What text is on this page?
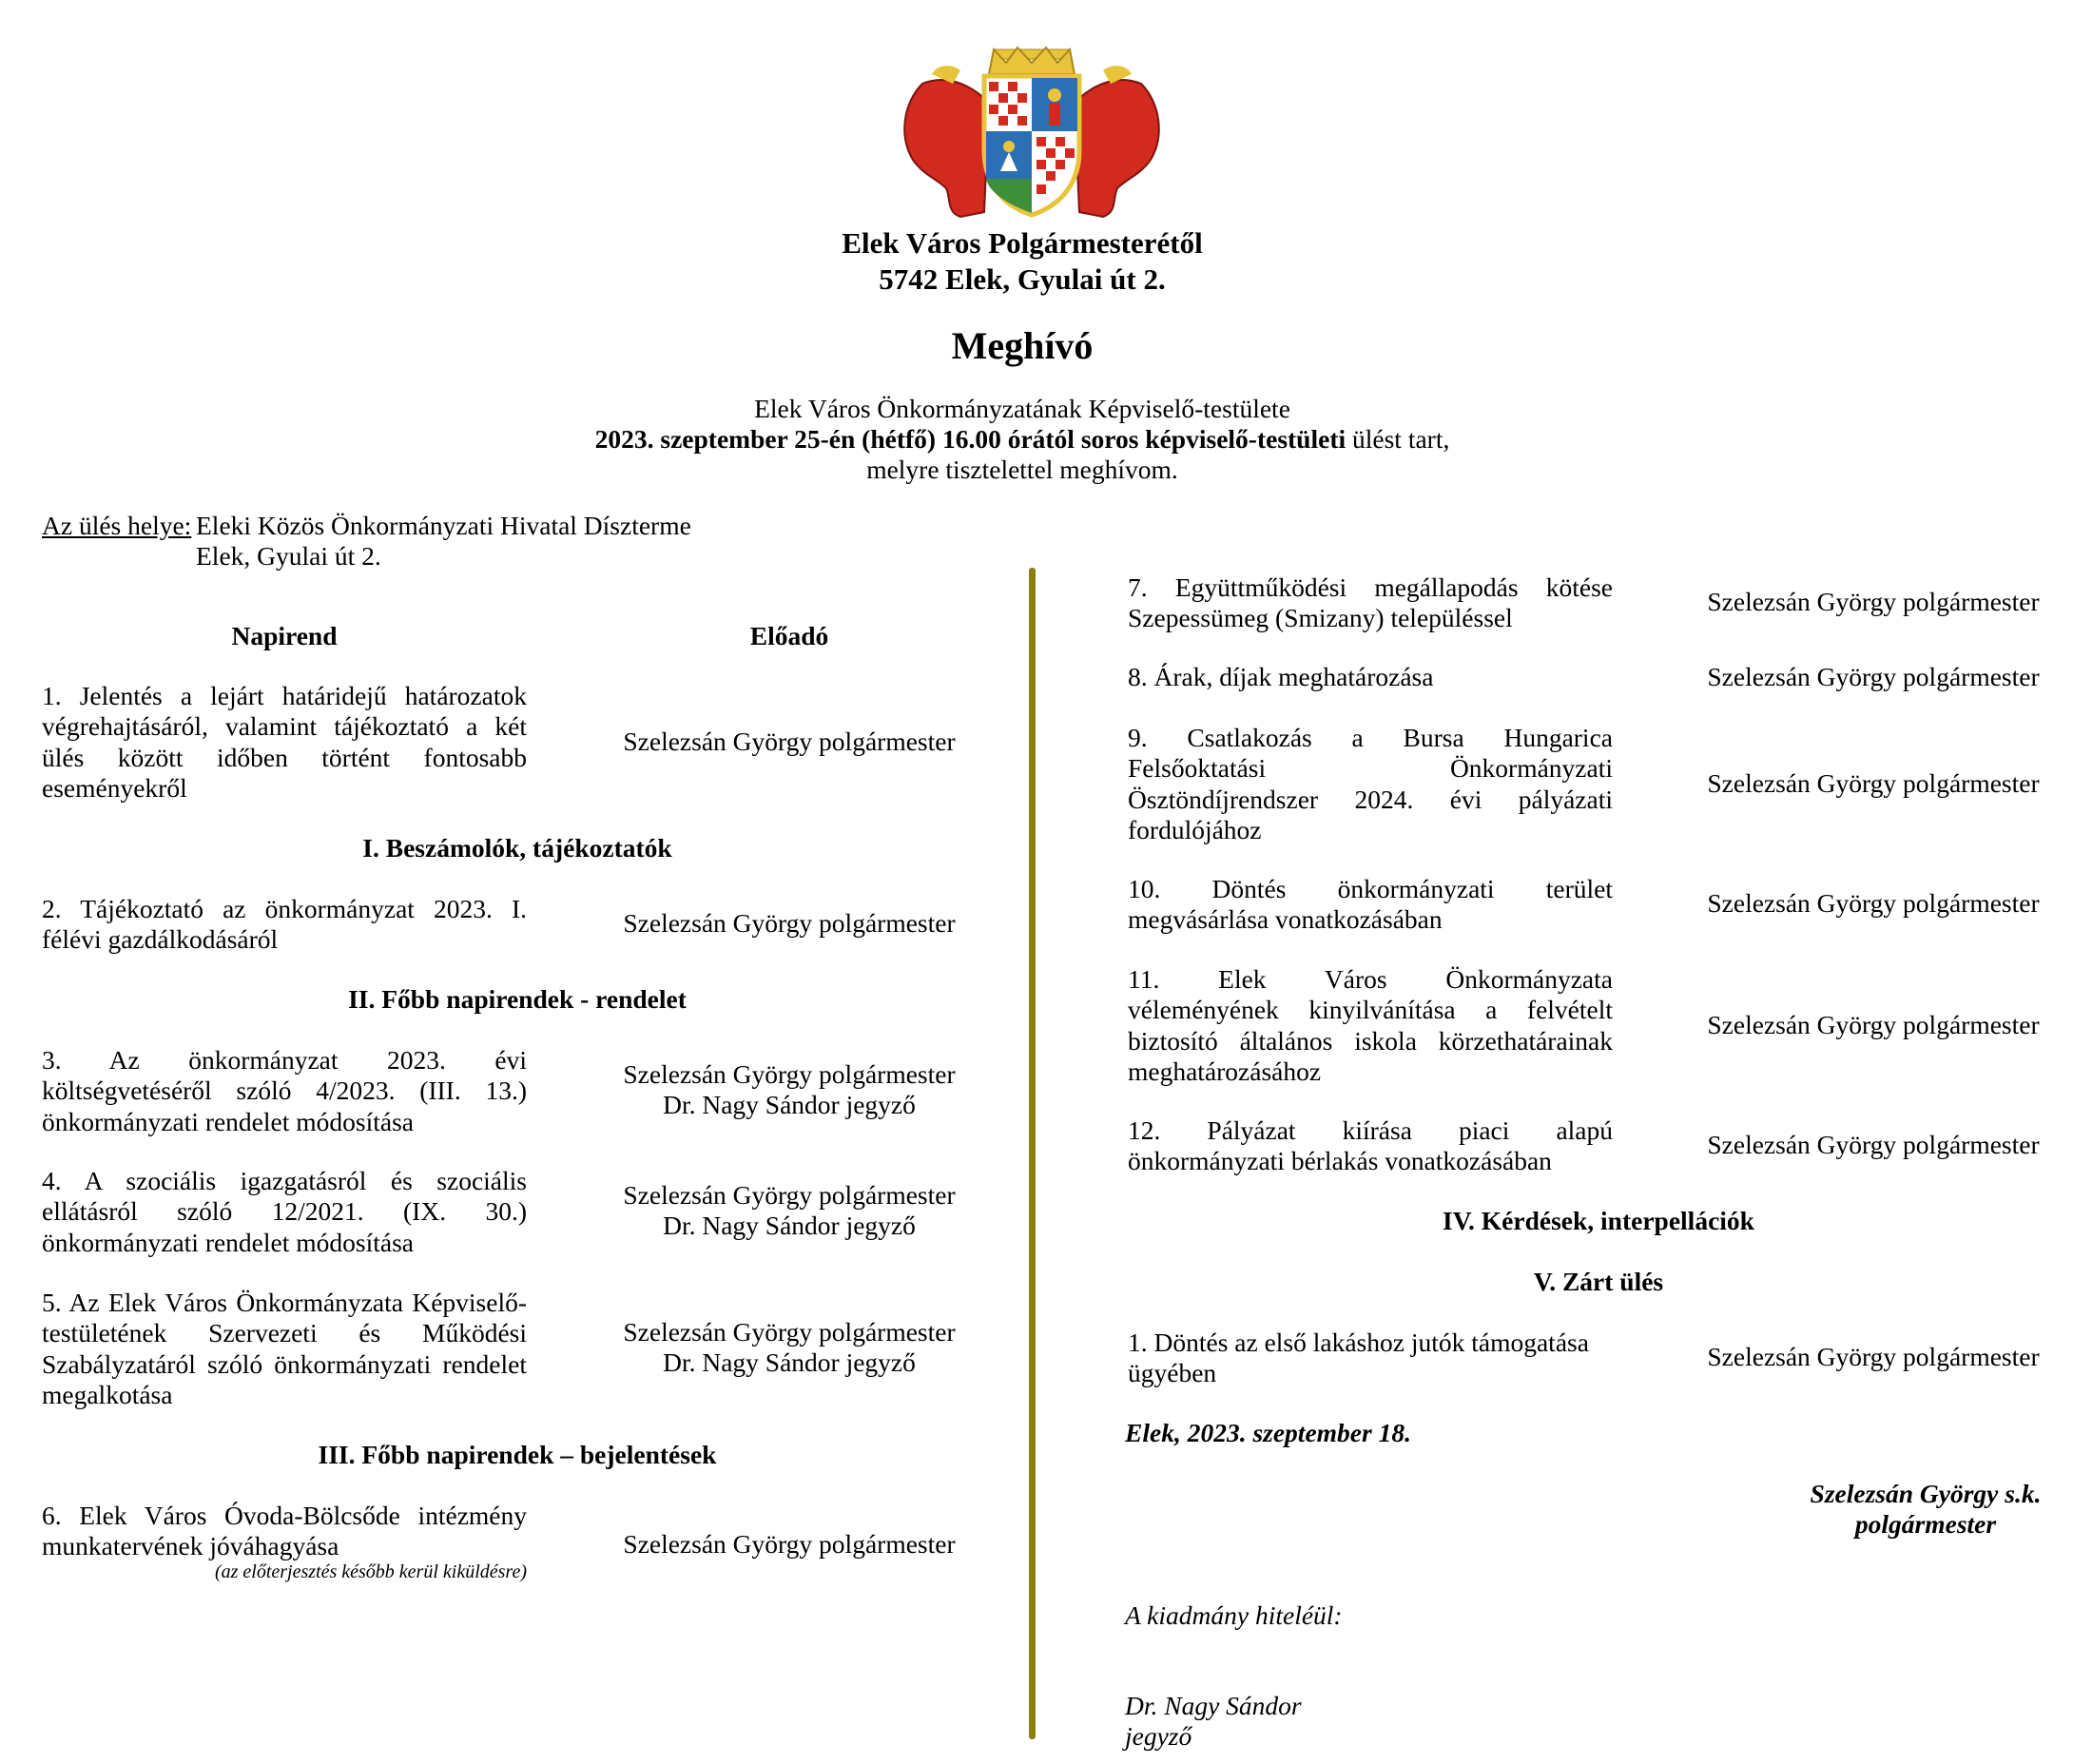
Elek Város Polgármesterétől
5742 Elek, Gyulai út 2.
Meghívó
Elek Város Önkormányzatának Képviselő-testülete
2023. szeptember 25-én (hétfő) 16.00 órától soros képviselő-testületi ülést tart,
melyre tisztelettel meghívom.
Az ülés helye: Eleki Közös Önkormányzati Hivatal Díszterme
Elek, Gyulai út 2.
Napirend	Előadó
1. Jelentés a lejárt határidejű határozatok
végrehajtásáról, valamint tájékoztató a két
ülés között időben történt fontosabb
eseményekről
Szelezsán György polgármester
I. Beszámolók, tájékoztatók
2. Tájékoztató az önkormányzat 2023. I.
félévi gazdálkodásáról
Szelezsán György polgármester
II. Főbb napirendek - rendelet
3. Az önkormányzat 2023. évi
költségvetéséről szóló 4/2023. (III. 13.)
önkormányzati rendelet módosítása
Szelezsán György polgármester
Dr. Nagy Sándor jegyző
4. A szociális igazgatásról és szociális
ellátásról szóló 12/2021. (IX. 30.)
önkormányzati rendelet módosítása
Szelezsán György polgármester
Dr. Nagy Sándor jegyző
5. Az Elek Város Önkormányzata Képviselő-
testületének Szervezeti és Működési
Szabályzatáról szóló önkormányzati rendelet
megalkotása
Szelezsán György polgármester
Dr. Nagy Sándor jegyző
III. Főbb napirendek – bejelentések
6. Elek Város Óvoda-Bölcsőde intézmény
munkatervének jóváhagyása
(az előterjesztés később kerül kiküldésre)
Szelezsán György polgármester
7. Együttműködési megállapodás kötése
Szepessümeg (Smizany) településsel
Szelezsán György polgármester
8. Árak, díjak meghatározása	Szelezsán György polgármester
9. Csatlakozás a Bursa Hungarica
Felsőoktatási Önkormányzati
Ösztöndíjrendszer 2024. évi pályázati
fordulójához
Szelezsán György polgármester
10. Döntés önkormányzati terület
megvásárlása vonatkozásában
Szelezsán György polgármester
11. Elek Város Önkormányzata
véleményének kinyilvánítása a felvételt
biztosító általános iskola körzethatárainak
meghatározásához
Szelezsán György polgármester
12. Pályázat kiírása piaci alapú
önkormányzati bérlakás vonatkozásában
Szelezsán György polgármester
IV. Kérdések, interpellációk
V. Zárt ülés
1. Döntés az első lakáshoz jutók támogatása
ügyében
Szelezsán György polgármester
Elek, 2023. szeptember 18.
Szelezsán György s.k.
polgármester
A kiadmány hiteléül:
Dr. Nagy Sándor
jegyző
